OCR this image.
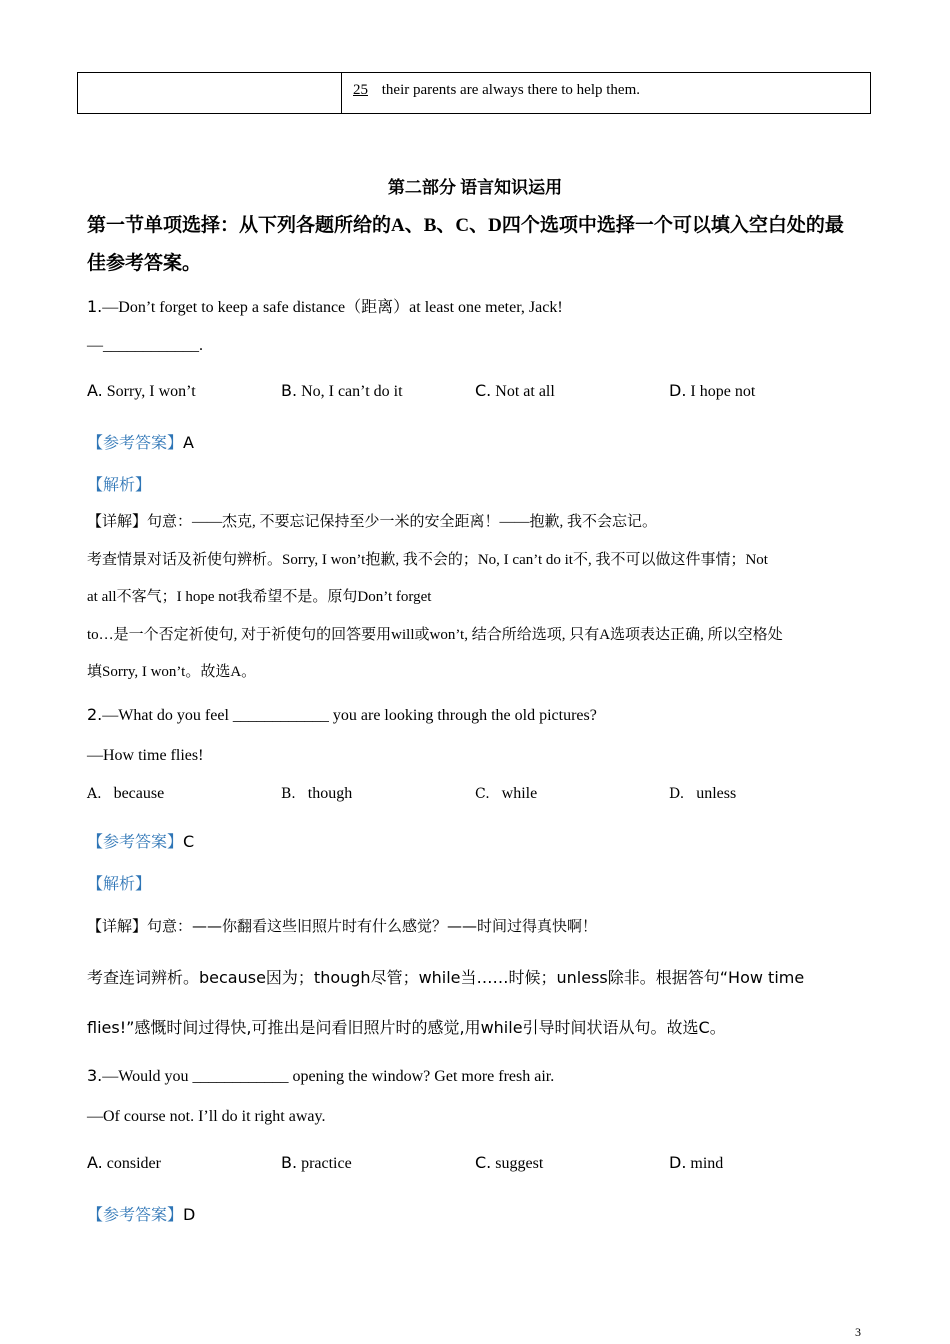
25 their parents are always there to help them.
第二部分 语言知识运用
第一节单项选择：从下列各题所给的A、B、C、D四个选项中选择一个可以填入空白处的最
佳参考答案。
1.—Don’t forget to keep a safe distance（距离）at least one meter, Jack!
—____________.
A. Sorry, I won’t	B. No, I can’t do it	C. Not at all	D. I hope not
【参考答案】A
【解析】
【详解】句意：——杰克, 不要忘记保持至少一米的安全距离！——抱歉, 我不会忘记。
考查情景对话及祈使句辨析。Sorry, I won’t抱歉, 我不会的；No, I can’t do it不, 我不可以做这件事情；Not
at all不客气；I hope not我希望不是。原句Don’t forget
to…是一个否定祈使句, 对于祈使句的回答要用will或won’t, 结合所给选项, 只有A选项表达正确, 所以空格处
填Sorry, I won’t。故选A。
2.—What do you feel ____________ you are looking through the old pictures?
—How time flies!
A. because	B. though	C. while	D. unless
【参考答案】C
【解析】
【详解】句意：——你翻看这些旧照片时有什么感觉？——时间过得真快啊！
考查连词辨析。because因为；though尽管；while当……时候；unless除非。根据答句“How time
flies!”感慨时间过得快,可推出是问看旧照片时的感觉,用while引导时间状语从句。故选C。
3.—Would you ____________ opening the window? Get more fresh air.
—Of course not. I’ll do it right away.
A. consider	B. practice	C. suggest	D. mind
【参考答案】D
3
